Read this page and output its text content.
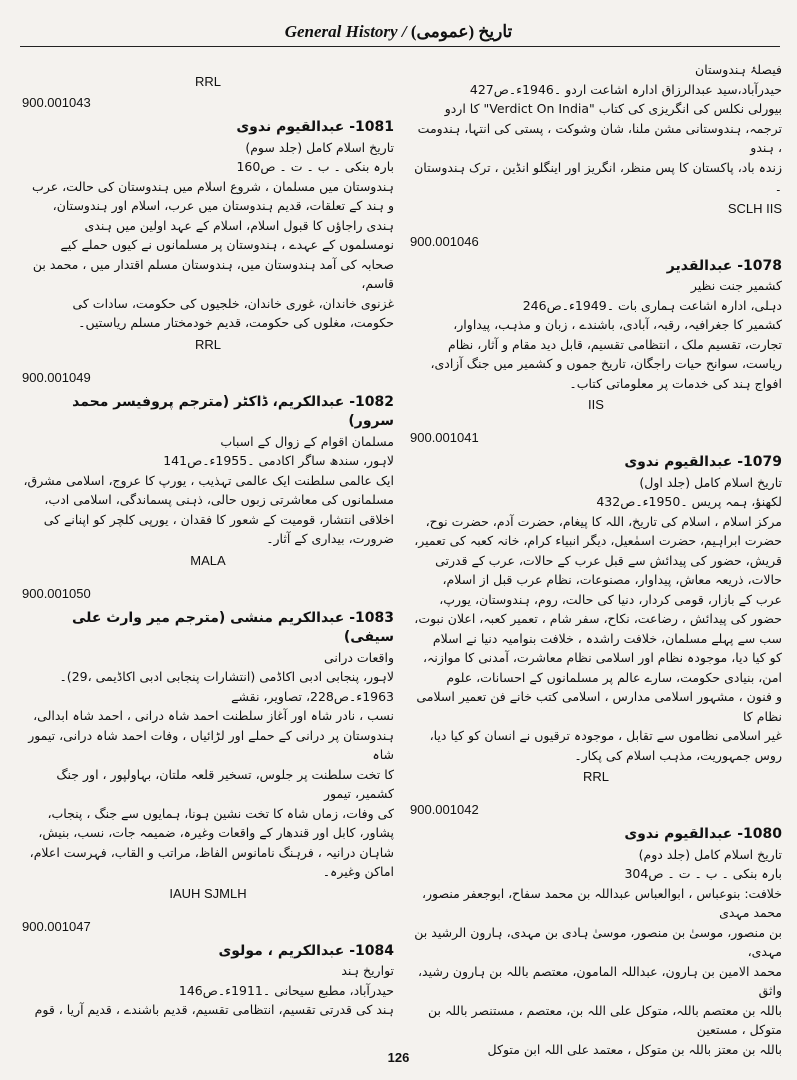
General History / تاریخ (عمومی)
فیصلۂ ہندوستان
حیدرآباد،سید عبدالرزاق ادارہ اشاعت اردو ۔1946ء۔ص427
بیورلی نکلس کی انگریزی کی کتاب "Verdict On India" کا اردو
ترجمہ، ہندوستانی مشن ملنا، شان وشوکت ، پستی کی انتہا، ہندومت ، ہندو
زندہ باد، پاکستان کا پس منظر، انگریز اور اینگلو انڈین ، ترک ہندوستان ۔
SCLH IIS
900.001046
1078- عبدالقدیر
کشمیر جنت نظیر
دہلی، ادارہ اشاعت ہماری بات ۔1949ء۔ص246
کشمیر کا جغرافیہ، رقبہ، آبادی، باشندے ، زبان و مذہب، پیداوار،
تجارت، تقسیم ملک ، انتظامی تقسیم، قابل دید مقام و آثار، نظام
ریاست، سوانح حیات راجگان، تاریخ جموں و کشمیر میں جنگ آزادی،
افواج ہند کی خدمات پر معلوماتی کتاب۔
IIS
900.001041
1079- عبدالقیوم ندوی
تاریخ اسلام کامل (جلد اول)
لکھنؤ، ہمہ پریس ۔1950ء۔ص432
مرکز اسلام ، اسلام کی تاریخ، اللہ کا پیغام، حضرت آدم، حضرت نوح،
حضرت ابراہیم، حضرت اسمٰعیل، دیگر انبیاء کرام، خانہ کعبہ کی تعمیر،
قریش، حضور کی پیدائش سے قبل عرب کے حالات، عرب کے قدرتی
حالات، ذریعہ معاش، پیداوار، مصنوعات، نظام عرب قبل از اسلام،
عرب کے بازار، قومی کردار، دنیا کی حالت، روم، ہندوستان، یورپ،
حضور کی پیدائش ، رضاعت، نکاح، سفر شام ، تعمیر کعبہ، اعلان نبوت،
سب سے پہلے مسلمان، خلافت راشدہ ، خلافت بنوامیہ دنیا نے اسلام
کو کیا دیا، موجودہ نظام اور اسلامی نظام معاشرت، آمدنی کا موازنہ،
امن، بنیادی حکومت، سارے عالم پر مسلمانوں کے احسانات، علوم
و فنون ، مشہور اسلامی مدارس ، اسلامی کتب خانے فن تعمیر اسلامی نظام کا
غیر اسلامی نظاموں سے تقابل ، موجودہ ترقیوں نے انسان کو کیا دیا،
روس جمہوریت، مذہب اسلام کی پکار۔
RRL
900.001042
1080- عبدالقیوم ندوی
تاریخ اسلام کامل (جلد دوم)
بارہ بنکی ۔ ب ۔ ت ۔ ص304
خلافت: بنوعباس ، ابوالعباس عبداللہ بن محمد سفاح، ابوجعفر منصور، محمد مہدی
بن منصور، موسیٰ بن منصور، موسیٰ ہادی بن مہدی، ہارون الرشید بن مہدی،
محمد الامین بن ہارون، عبداللہ المامون، معتصم باللہ بن ہارون رشید، واثق
باللہ بن معتصم باللہ، متوکل علی اللہ بن، معتصم ، مستنصر باللہ بن متوکل ، مستعین
باللہ بن معتز باللہ بن متوکل ، معتمد علی اللہ ابن متوکل
RRL
900.001043
1081- عبدالقیوم ندوی
تاریخ اسلام کامل (جلد سوم)
بارہ بنکی ۔ ب ۔ ت ۔ ص160
ہندوستان میں مسلمان ، شروع اسلام میں ہندوستان کی حالت، عرب
و ہند کے تعلقات، قدیم ہندوستان میں عرب، اسلام اور ہندوستان،
ہندی راجاؤں کا قبول اسلام، اسلام کے عہد اولین میں ہندی
نومسلموں کے عہدے ، ہندوستان پر مسلمانوں نے کیوں حملے کیے
صحابہ کی آمد ہندوستان میں، ہندوستان مسلم اقتدار میں ، محمد بن قاسم،
غزنوی خاندان، غوری خاندان، خلجیوں کی حکومت، سادات کی
حکومت، مغلوں کی حکومت، قدیم خودمختار مسلم ریاستیں۔
RRL
900.001049
1082- عبدالکریم، ڈاکٹر (مترجم پروفیسر محمد سرور)
مسلمان اقوام کے زوال کے اسباب
لاہور، سندھ ساگر اکادمی ۔1955ء۔ص141
ایک عالمی سلطنت ایک عالمی تہذیب ، یورپ کا عروج، اسلامی مشرق،
مسلمانوں کی معاشرتی زبوں حالی، ذہنی پسماندگی، اسلامی ادب،
اخلاقی انتشار، قومیت کے شعور کا فقدان ، یورپی کلچر کو اپنانے کی
ضرورت، بیداری کے آثار۔
MALA
900.001050
1083- عبدالکریم منشی (مترجم میر وارث علی سیفی)
واقعات درانی
لاہور، پنجابی ادبی اکاڈمی (انتشارات پنجابی ادبی اکاڈیمی ،29)۔
1963ء۔ص228، تصاویر، نقشے
نسب ، نادر شاہ اور آغاز سلطنت احمد شاہ درانی ، احمد شاہ ابدالی،
ہندوستان پر درانی کے حملے اور لڑائیاں ، وفات احمد شاہ درانی، تیمور شاہ
کا تخت سلطنت پر جلوس، تسخیر قلعہ ملتان، بہاولپور ، اور جنگ کشمیر، تیمور
کی وفات، زماں شاہ کا تخت نشین ہونا، ہمایوں سے جنگ ، پنجاب،
پشاور، کابل اور قندھار کے واقعات وغیرہ، ضمیمہ جات، نسب، بنیش،
شاہان درانیہ ، فرہنگ نامانوس الفاظ، مراتب و القاب، فہرست اعلام،
اماکن وغیرہ۔
IAUH SJMLH
900.001047
1084- عبدالکریم ، مولوی
تواریخ ہند
حیدرآباد، مطبع سیحانی ۔1911ء۔ص146
ہند کی قدرتی تقسیم، انتظامی تقسیم، قدیم باشندے ، قدیم آریا ، قوم
126
